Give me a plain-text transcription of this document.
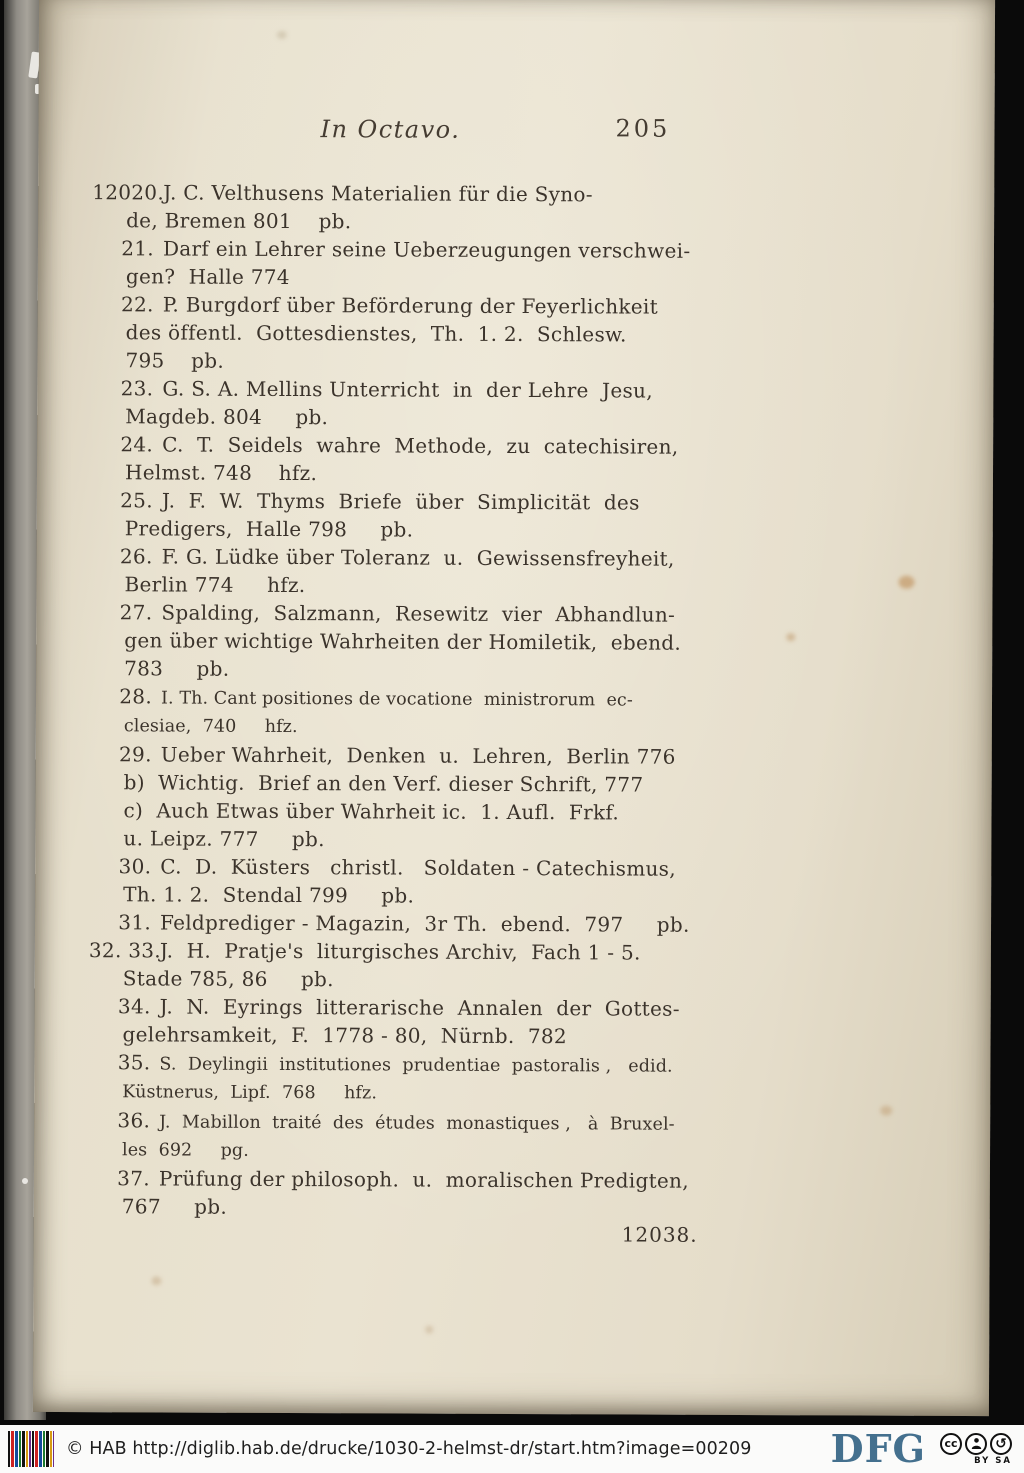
In Octavo.	205
12020.J. C. Velthusens Materialien für die Syno-
de, Bremen 801    pb.
21. Darf ein Lehrer seine Ueberzeugungen verschwei-
gen?  Halle 774
22. P. Burgdorf über Beförderung der Feyerlichkeit
des öffentl.  Gottesdienstes,  Th.  1. 2.  Schlesw.
795    pb.
23. G. S. A. Mellins Unterricht  in  der Lehre  Jesu,
Magdeb. 804     pb.
24. C.  T.  Seidels  wahre  Methode,  zu  catechisiren,
Helmst. 748    hfz.
25. J.  F.  W.  Thyms  Briefe  über  Simplicität  des
Predigers,  Halle 798     pb.
26. F. G. Lüdke über Toleranz  u.  Gewissensfreyheit,
Berlin 774     hfz.
27. Spalding,  Salzmann,  Resewitz  vier  Abhandlun-
gen über wichtige Wahrheiten der Homiletik,  ebend.
783     pb.
28. I. Th. Cant positiones de vocatione  ministrorum  ec-
clesiae,  740     hfz.
29. Ueber Wahrheit,  Denken  u.  Lehren,  Berlin 776
b)  Wichtig.  Brief an den Verf. dieser Schrift, 777
c)  Auch Etwas über Wahrheit ic.  1. Aufl.  Frkf.
u. Leipz. 777     pb.
30. C.  D.  Küsters   christl.   Soldaten - Catechismus,
Th. 1. 2.  Stendal 799     pb.
31. Feldprediger - Magazin,  3r Th.  ebend.  797     pb.
32. 33.J.  H.  Pratje's  liturgisches Archiv,  Fach 1 - 5.
Stade 785, 86     pb.
34. J.  N.  Eyrings  litterarische  Annalen  der  Gottes-
gelehrsamkeit,  F.  1778 - 80,  Nürnb.  782
35. S.  Deylingii  institutiones  prudentiae  pastoralis ,   edid.
Küstnerus,  Lipf.  768     hfz.
36. J.  Mabillon  traité  des  études  monastiques ,   à  Bruxel-
les  692     pg.
37. Prüfung der philosoph.  u.  moralischen Predigten,
767     pb.
12038.
© HAB http://diglib.hab.de/drucke/1030-2-helmst-dr/start.htm?image=00209 DFG	cc	↺
BY SA
